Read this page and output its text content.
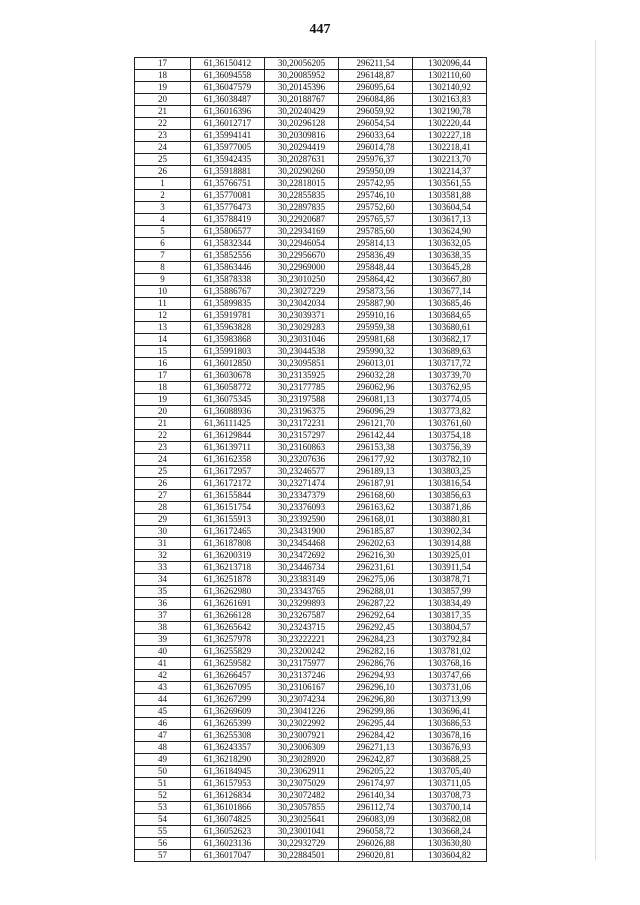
447
17	61,36150412	30,20056205	296211,54	1302096,44
18	61,36094558	30,20085952	296148,87	1302110,60
19	61,36047579	30,20145396	296095,64	1302140,92
20	61,36038487	30,20188767	296084,86	1302163,83
21	61,36016396	30,20240429	296059,92	1302190,78
22	61,36012717	30,20296128	296054,54	1302220,44
23	61,35994141	30,20309816	296033,64	1302227,18
24	61,35977005	30,20294419	296014,78	1302218,41
25	61,35942435	30,20287631	295976,37	1302213,70
26	61,35918881	30,20290260	295950,09	1302214,37
1	61,35766751	30,22818015	295742,95	1303561,55
2	61,35770081	30,22855835	295746,10	1303581,88
3	61,35776473	30,22897835	295752,60	1303604,54
4	61,35788419	30,22920687	295765,57	1303617,13
5	61,35806577	30,22934169	295785,60	1303624,90
6	61,35832344	30,22946054	295814,13	1303632,05
7	61,35852556	30,22956670	295836,49	1303638,35
8	61,35863446	30,22969000	295848,44	1303645,28
9	61,35878338	30,23010250	295864,42	1303667,80
10	61,35886767	30,23027229	295873,56	1303677,14
11	61,35899835	30,23042034	295887,90	1303685,46
12	61,35919781	30,23039371	295910,16	1303684,65
13	61,35963828	30,23029283	295959,38	1303680,61
14	61,35983868	30,23031046	295981,68	1303682,17
15	61,35991803	30,23044538	295990,32	1303689,63
16	61,36012850	30,23095851	296013,01	1303717,72
17	61,36030678	30,23135925	296032,28	1303739,70
18	61,36058772	30,23177785	296062,96	1303762,95
19	61,36075345	30,23197588	296081,13	1303774,05
20	61,36088936	30,23196375	296096,29	1303773,82
21	61,36111425	30,23172231	296121,70	1303761,60
22	61,36129844	30,23157297	296142,44	1303754,18
23	61,36139711	30,23160863	296153,38	1303756,39
24	61,36162358	30,23207636	296177,92	1303782,10
25	61,36172957	30,23246577	296189,13	1303803,25
26	61,36172172	30,23271474	296187,91	1303816,54
27	61,36155844	30,23347379	296168,60	1303856,63
28	61,36151754	30,23376093	296163,62	1303871,86
29	61,36155913	30,23392590	296168,01	1303880,81
30	61,36172465	30,23431900	296185,87	1303902,34
31	61,36187808	30,23454468	296202,63	1303914,88
32	61,36200319	30,23472692	296216,30	1303925,01
33	61,36213718	30,23446734	296231,61	1303911,54
34	61,36251878	30,23383149	296275,06	1303878,71
35	61,36262980	30,23343765	296288,01	1303857,99
36	61,36261691	30,23299893	296287,22	1303834,49
37	61,36266128	30,23267587	296292,64	1303817,35
38	61,36265642	30,23243715	296292,45	1303804,57
39	61,36257978	30,23222221	296284,23	1303792,84
40	61,36255829	30,23200242	296282,16	1303781,02
41	61,36259582	30,23175977	296286,76	1303768,16
42	61,36266457	30,23137246	296294,93	1303747,66
43	61,36267095	30,23106167	296296,10	1303731,06
44	61,36267299	30,23074234	296296,80	1303713,99
45	61,36269609	30,23041226	296299,86	1303696,41
46	61,36265399	30,23022992	296295,44	1303686,53
47	61,36255308	30,23007921	296284,42	1303678,16
48	61,36243357	30,23006309	296271,13	1303676,93
49	61,36218290	30,23028920	296242,87	1303688,25
50	61,36184945	30,23062911	296205,22	1303705,40
51	61,36157953	30,23075029	296174,97	1303711,05
52	61,36126834	30,23072482	296140,34	1303708,73
53	61,36101866	30,23057855	296112,74	1303700,14
54	61,36074825	30,23025641	296083,09	1303682,08
55	61,36052623	30,23001041	296058,72	1303668,24
56	61,36023136	30,22932729	296026,88	1303630,80
57	61,36017047	30,22884501	296020,81	1303604,82
